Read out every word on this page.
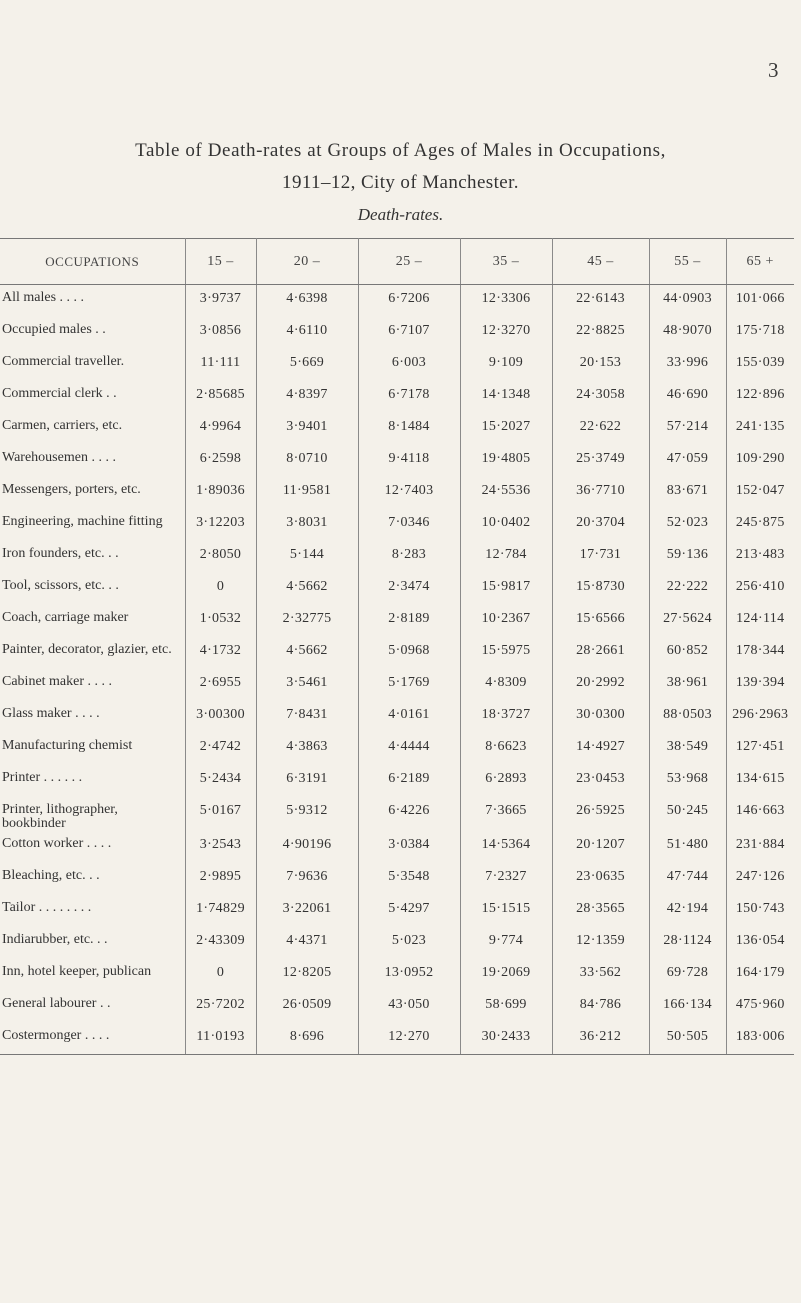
3
Table of Death-rates at Groups of Ages of Males in Occupations,
1911–12, City of Manchester.
Death-rates.
OCCUPATIONS	15 –	20 –	25 –	35 –	45 –	55 –	65 +
All males . . . .	3·9737	4·6398	6·7206	12·3306	22·6143	44·0903	101·066
Occupied males . .	3·0856	4·6110	6·7107	12·3270	22·8825	48·9070	175·718
Commercial traveller.	11·111	5·669	6·003	9·109	20·153	33·996	155·039
Commercial clerk . .	2·85685	4·8397	6·7178	14·1348	24·3058	46·690	122·896
Carmen, carriers, etc.	4·9964	3·9401	8·1484	15·2027	22·622	57·214	241·135
Warehousemen . . . .	6·2598	8·0710	9·4118	19·4805	25·3749	47·059	109·290
Messengers, porters, etc.	1·89036	11·9581	12·7403	24·5536	36·7710	83·671	152·047
Engineering, machine fitting	3·12203	3·8031	7·0346	10·0402	20·3704	52·023	245·875
Iron founders, etc. . .	2·8050	5·144	8·283	12·784	17·731	59·136	213·483
Tool, scissors, etc. . .	0	4·5662	2·3474	15·9817	15·8730	22·222	256·410
Coach, carriage maker	1·0532	2·32775	2·8189	10·2367	15·6566	27·5624	124·114
Painter, decorator, glazier, etc.	4·1732	4·5662	5·0968	15·5975	28·2661	60·852	178·344
Cabinet maker . . . .	2·6955	3·5461	5·1769	4·8309	20·2992	38·961	139·394
Glass maker . . . .	3·00300	7·8431	4·0161	18·3727	30·0300	88·0503	296·2963
Manufacturing chemist	2·4742	4·3863	4·4444	8·6623	14·4927	38·549	127·451
Printer . . . . . .	5·2434	6·3191	6·2189	6·2893	23·0453	53·968	134·615
Printer, lithographer, bookbinder	5·0167	5·9312	6·4226	7·3665	26·5925	50·245	146·663
Cotton worker . . . .	3·2543	4·90196	3·0384	14·5364	20·1207	51·480	231·884
Bleaching, etc. . .	2·9895	7·9636	5·3548	7·2327	23·0635	47·744	247·126
Tailor . . . . . . . .	1·74829	3·22061	5·4297	15·1515	28·3565	42·194	150·743
Indiarubber, etc. . .	2·43309	4·4371	5·023	9·774	12·1359	28·1124	136·054
Inn, hotel keeper, publican	0	12·8205	13·0952	19·2069	33·562	69·728	164·179
General labourer . .	25·7202	26·0509	43·050	58·699	84·786	166·134	475·960
Costermonger . . . .	11·0193	8·696	12·270	30·2433	36·212	50·505	183·006
